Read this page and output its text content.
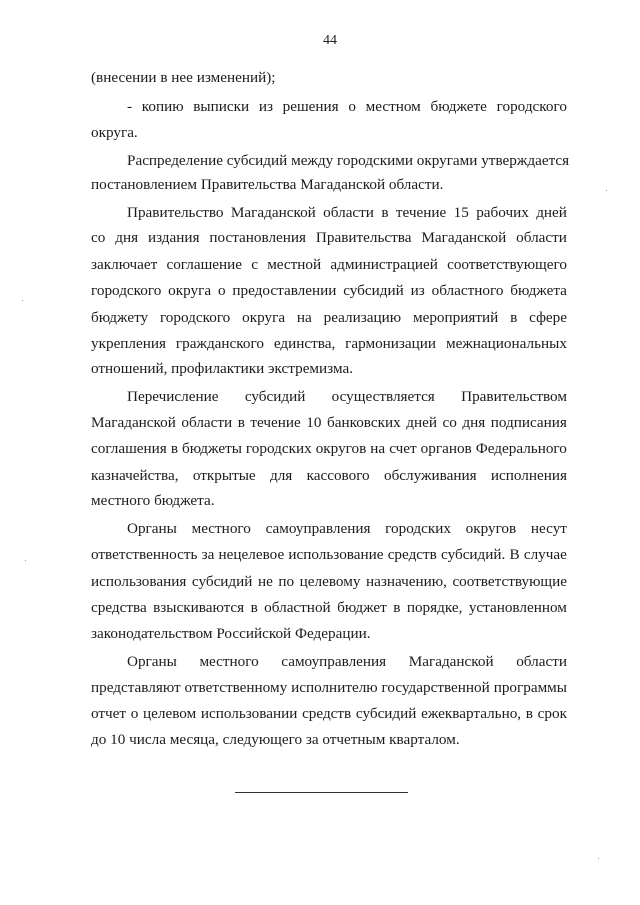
44
(внесении в нее изменений);
- копию выписки из решения о местном бюджете городского
округа.
Распределение субсидий между городскими округами утверждается
постановлением Правительства Магаданской области.
Правительство Магаданской области в течение 15 рабочих дней
со дня издания постановления Правительства Магаданской области
заключает соглашение с местной администрацией соответствующего
городского округа о предоставлении субсидий из областного бюджета
бюджету городского округа на реализацию мероприятий в сфере
укрепления гражданского единства, гармонизации межнациональных
отношений, профилактики экстремизма.
Перечисление субсидий осуществляется Правительством
Магаданской области в течение 10 банковских дней со дня подписания
соглашения в бюджеты городских округов на счет органов Федерального
казначейства, открытые для кассового обслуживания исполнения
местного бюджета.
Органы местного самоуправления городских округов несут
ответственность за нецелевое использование средств субсидий. В случае
использования субсидий не по целевому назначению, соответствующие
средства взыскиваются в областной бюджет в порядке, установленном
законодательством Российской Федерации.
Органы местного самоуправления Магаданской области
представляют ответственному исполнителю государственной программы
отчет о целевом использовании средств субсидий ежеквартально, в срок
до 10 числа месяца, следующего за отчетным кварталом.
